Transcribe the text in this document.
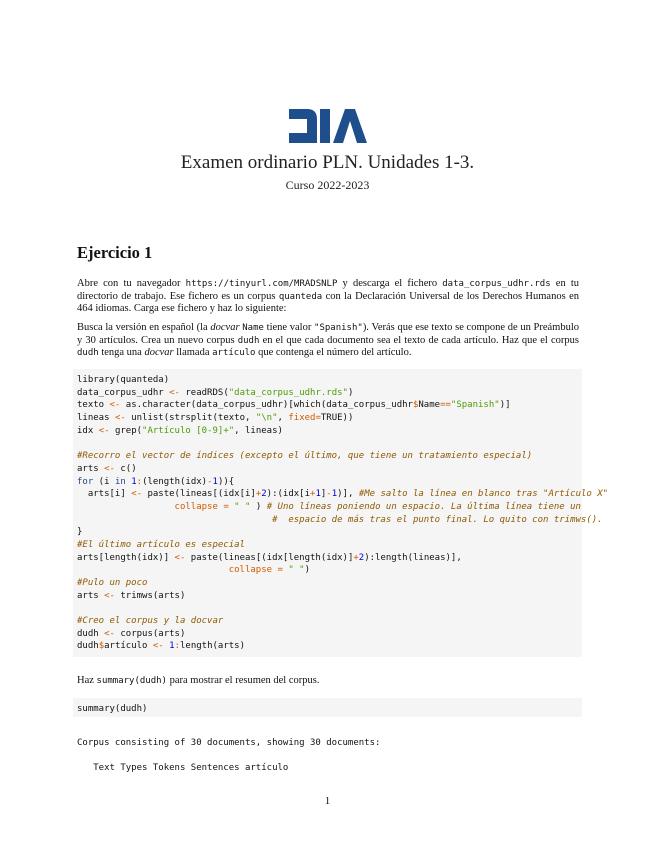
Examen ordinario PLN. Unidades 1-3.
Curso 2022-2023
Ejercicio 1
Abre con tu navegador https://tinyurl.com/MRADSNLP y descarga el fichero data_corpus_udhr.rds en tu directorio de trabajo. Ese fichero es un corpus quanteda con la Declaración Universal de los Derechos Humanos en 464 idiomas. Carga ese fichero y haz lo siguiente:
Busca la versión en español (la docvar Name tiene valor "Spanish"). Verás que ese texto se compone de un Preámbulo y 30 artículos. Crea un nuevo corpus dudh en el que cada documento sea el texto de cada artículo. Haz que el corpus dudh tenga una docvar llamada artículo que contenga el número del artículo.
library(quanteda)
data_corpus_udhr <- readRDS("data_corpus_udhr.rds")
texto <- as.character(data_corpus_udhr)[which(data_corpus_udhr$Name=="Spanish")]
lineas <- unlist(strsplit(texto, "\n", fixed=TRUE))
idx <- grep("Artículo [0-9]+", lineas)
#Recorro el vector de índices (excepto el último, que tiene un tratamiento especial)
arts <- c()
for (i in 1:(length(idx)-1)){
arts[i] <- paste(lineas[(idx[i]+2):(idx[i+1]-1)], #Me salto la línea en blanco tras "Artículo X"
collapse = " " ) # Uno líneas poniendo un espacio. La última línea tiene un
#  espacio de más tras el punto final. Lo quito con trimws().
}
#El último artículo es especial
arts[length(idx)] <- paste(lineas[(idx[length(idx)]+2):length(lineas)],
collapse = " ")
#Pulo un poco
arts <- trimws(arts)
#Creo el corpus y la docvar
dudh <- corpus(arts)
dudh$artículo <- 1:length(arts)
Haz summary(dudh) para mostrar el resumen del corpus.
summary(dudh)
Corpus consisting of 30 documents, showing 30 documents:
Text Types Tokens Sentences artículo
1
